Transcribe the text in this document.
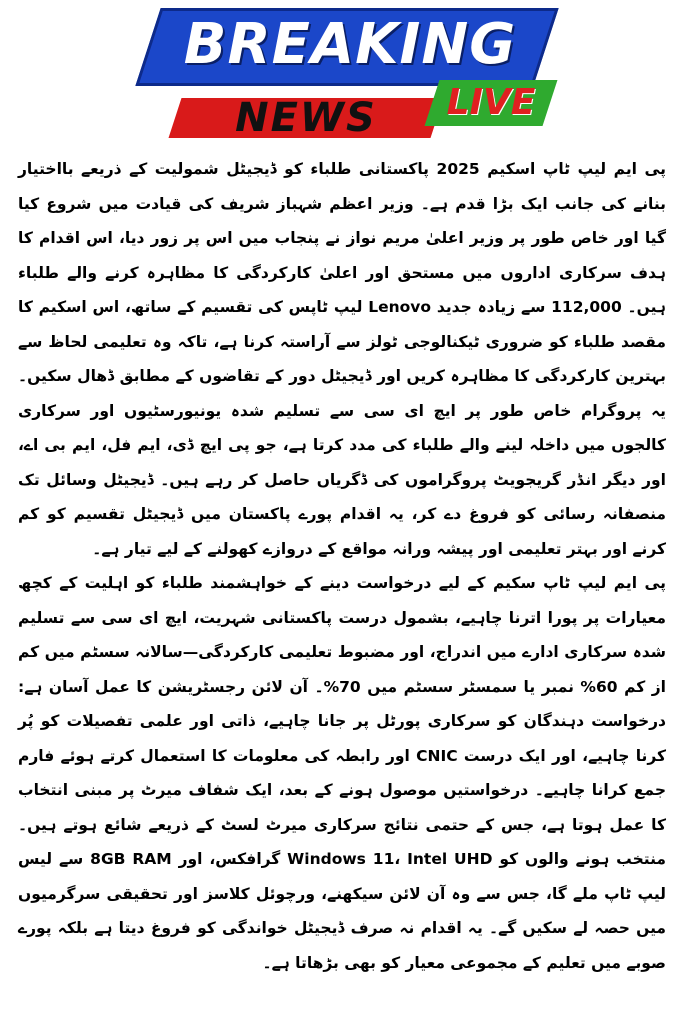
BREAKING
NEWS	LIVE

پی ایم لیپ ٹاپ اسکیم 2025 پاکستانی طلباء کو ڈیجیٹل شمولیت کے ذریعے بااختیار بنانے کی جانب ایک بڑا قدم ہے۔ وزیر اعظم شہباز شریف کی قیادت میں شروع کیا گیا اور خاص طور پر وزیر اعلیٰ مریم نواز نے پنجاب میں اس پر زور دیا، اس اقدام کا ہدف سرکاری اداروں میں مستحق اور اعلیٰ کارکردگی کا مظاہرہ کرنے والے طلباء ہیں۔ 112,000 سے زیادہ جدید Lenovo لیپ ٹاپس کی تقسیم کے ساتھ، اس اسکیم کا مقصد طلباء کو ضروری ٹیکنالوجی ٹولز سے آراستہ کرنا ہے، تاکہ وہ تعلیمی لحاظ سے بہترین کارکردگی کا مظاہرہ کریں اور ڈیجیٹل دور کے تقاضوں کے مطابق ڈھال سکیں۔ یہ پروگرام خاص طور پر ایچ ای سی سے تسلیم شدہ یونیورسٹیوں اور سرکاری کالجوں میں داخلہ لینے والے طلباء کی مدد کرتا ہے، جو پی ایچ ڈی، ایم فل، ایم بی اے، اور دیگر انڈر گریجویٹ پروگراموں کی ڈگریاں حاصل کر رہے ہیں۔ ڈیجیٹل وسائل تک منصفانہ رسائی کو فروغ دے کر، یہ اقدام پورے پاکستان میں ڈیجیٹل تقسیم کو کم کرنے اور بہتر تعلیمی اور پیشہ ورانہ مواقع کے دروازے کھولنے کے لیے تیار ہے۔

پی ایم لیپ ٹاپ سکیم کے لیے درخواست دینے کے خواہشمند طلباء کو اہلیت کے کچھ معیارات پر پورا اترنا چاہیے، بشمول درست پاکستانی شہریت، ایچ ای سی سے تسلیم شدہ سرکاری ادارے میں اندراج، اور مضبوط تعلیمی کارکردگی—سالانہ سسٹم میں کم از کم 60% نمبر یا سمسٹر سسٹم میں 70%۔ آن لائن رجسٹریشن کا عمل آسان ہے: درخواست دہندگان کو سرکاری پورٹل پر جانا چاہیے، ذاتی اور علمی تفصیلات کو پُر کرنا چاہیے، اور ایک درست CNIC اور رابطہ کی معلومات کا استعمال کرتے ہوئے فارم جمع کرانا چاہیے۔ درخواستیں موصول ہونے کے بعد، ایک شفاف میرٹ پر مبنی انتخاب کا عمل ہوتا ہے، جس کے حتمی نتائج سرکاری میرٹ لسٹ کے ذریعے شائع ہوتے ہیں۔ منتخب ہونے والوں کو Windows 11، Intel UHD گرافکس، اور 8GB RAM سے لیس لیپ ٹاپ ملے گا، جس سے وہ آن لائن سیکھنے، ورچوئل کلاسز اور تحقیقی سرگرمیوں میں حصہ لے سکیں گے۔ یہ اقدام نہ صرف ڈیجیٹل خواندگی کو فروغ دیتا ہے بلکہ پورے صوبے میں تعلیم کے مجموعی معیار کو بھی بڑھاتا ہے۔
